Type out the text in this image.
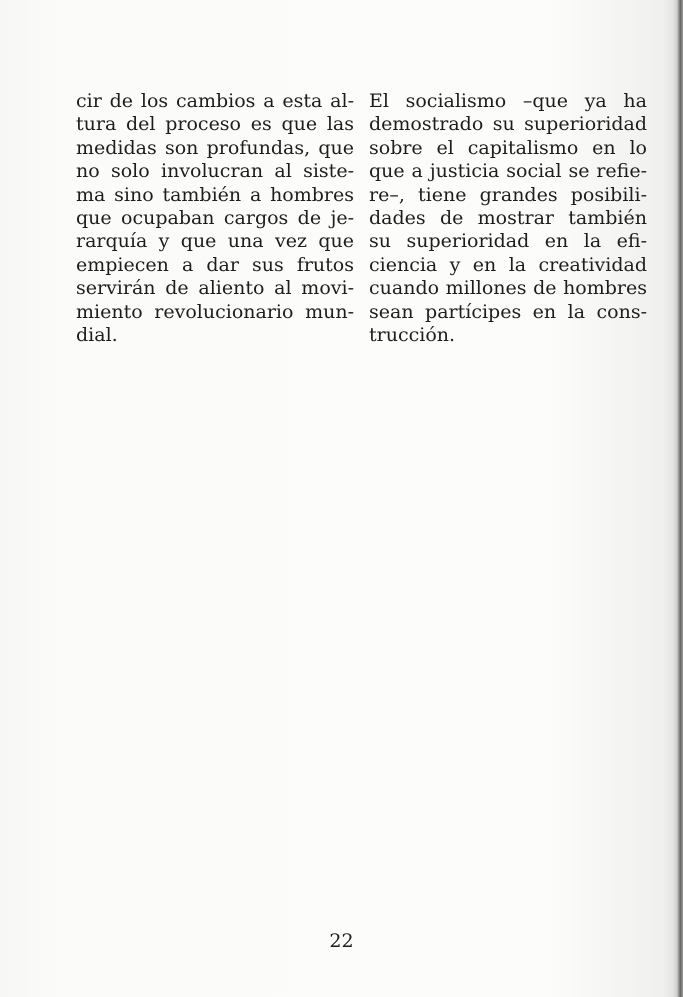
cir de los cambios a esta al-
tura del proceso es que las
medidas son profundas, que
no solo involucran al siste-
ma sino también a hombres
que ocupaban cargos de je-
rarquía y que una vez que
empiecen a dar sus frutos
servirán de aliento al movi-
miento revolucionario mun-
dial.
El socialismo –que ya ha
demostrado su superioridad
sobre el capitalismo en lo
que a justicia social se refie-
re–, tiene grandes posibili-
dades de mostrar también
su superioridad en la efi-
ciencia y en la creatividad
cuando millones de hombres
sean partícipes en la cons-
trucción.
22
